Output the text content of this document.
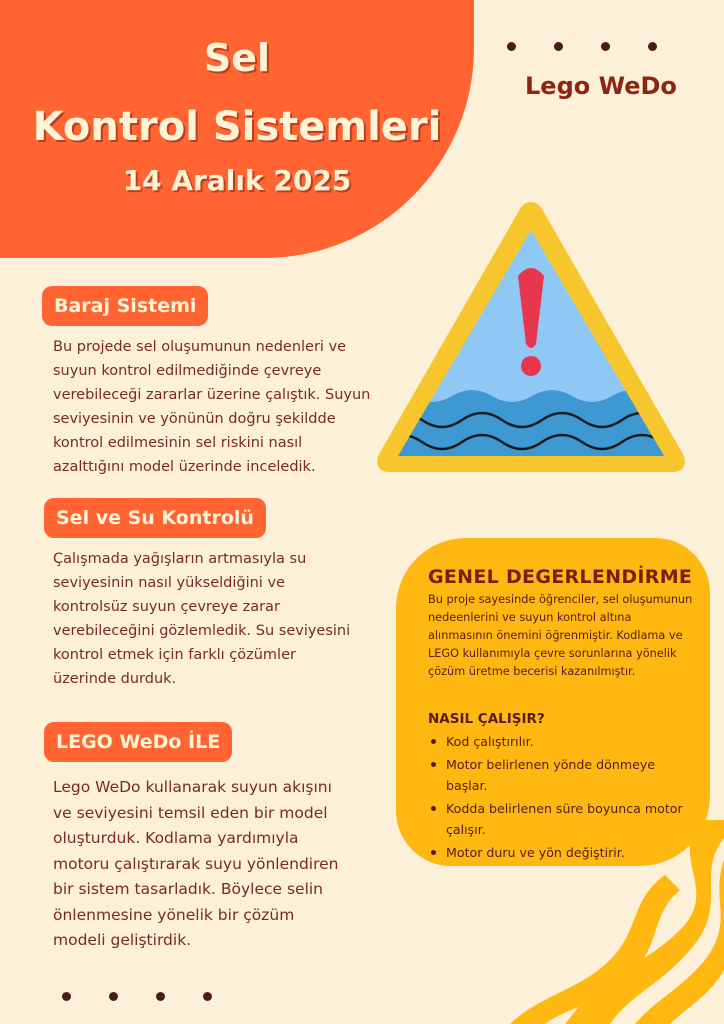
Sel
Kontrol Sistemleri
14 Aralık 2025
Lego WeDo
Baraj Sistemi
Bu projede sel oluşumunun nedenleri ve suyun kontrol edilmediğinde çevreye verebileceği zararlar üzerine çalıştık. Suyun seviyesinin ve yönünün doğru şekildde kontrol edilmesinin sel riskini nasıl azalttığını model üzerinde inceledik.
Sel ve Su Kontrolü
Çalışmada yağışların artmasıyla su seviyesinin nasıl yükseldiğini ve kontrolsüz suyun çevreye zarar verebileceğini gözlemledik. Su seviyesini kontrol etmek için farklı çözümler üzerinde durduk.
LEGO WeDo İLE
Lego WeDo kullanarak suyun akışını ve seviyesini temsil eden bir model oluşturduk. Kodlama yardımıyla motoru çalıştırarak suyu yönlendiren bir sistem tasarladık. Böylece selin önlenmesine yönelik bir çözüm modeli geliştirdik.
GENEL DEGERLENDİRME
Bu proje sayesinde öğrenciler, sel oluşumunun nedeenlerini ve suyun kontrol altına alınmasının önemini öğrenmiştir. Kodlama ve LEGO kullanımıyla çevre sorunlarına yönelik çözüm üretme becerisi kazanılmıştır.
NASIL ÇALIŞIR?
Kod çalıştırılır.
Motor belirlenen yönde dönmeye başlar.
Kodda belirlenen süre boyunca motor çalışır.
Motor duru ve yön değiştirir.
